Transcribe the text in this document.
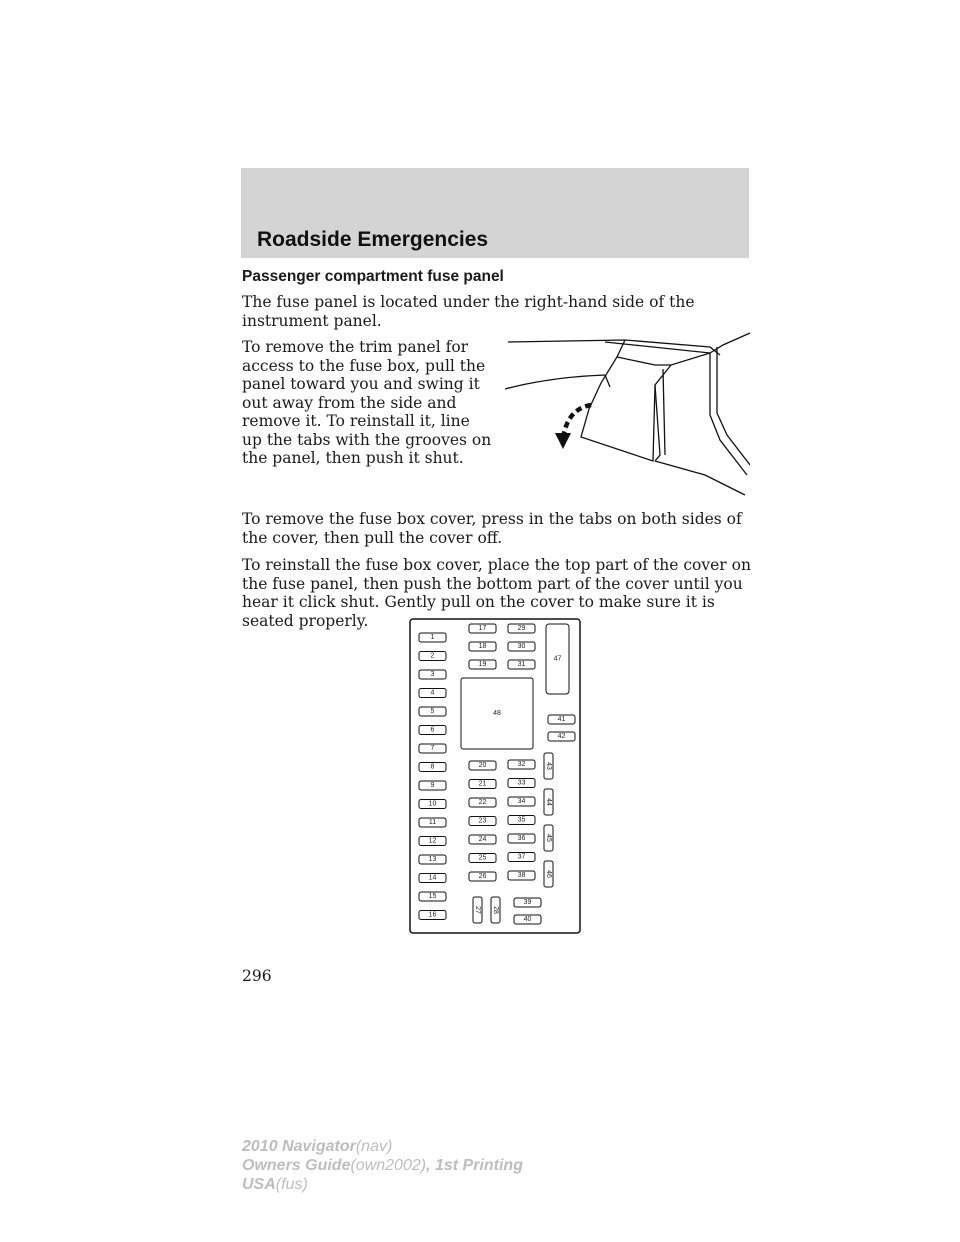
Roadside Emergencies
Passenger compartment fuse panel

The fuse panel is located under the right-hand side of the instrument panel.

To remove the trim panel for access to the fuse box, pull the panel toward you and swing it out away from the side and remove it. To reinstall it, line up the tabs with the grooves on the panel, then push it shut.

To remove the fuse box cover, press in the tabs on both sides of the cover, then pull the cover off.

To reinstall the fuse box cover, place the top part of the cover on the fuse panel, then push the bottom part of the cover until you hear it click shut. Gently pull on the cover to make sure it is seated properly.

1
2
3
4
5
6
7
8
9
10
11
12
13
14
15
16
17
18
19
29
30
31
47
48
41
42
20
21
22
23
24
25
26
32
33
34
35
36
37
38
27 28
39
40
43
44
45
46
296
2010 Navigator(nav)
Owners Guide(own2002), 1st Printing
USA(fus)
